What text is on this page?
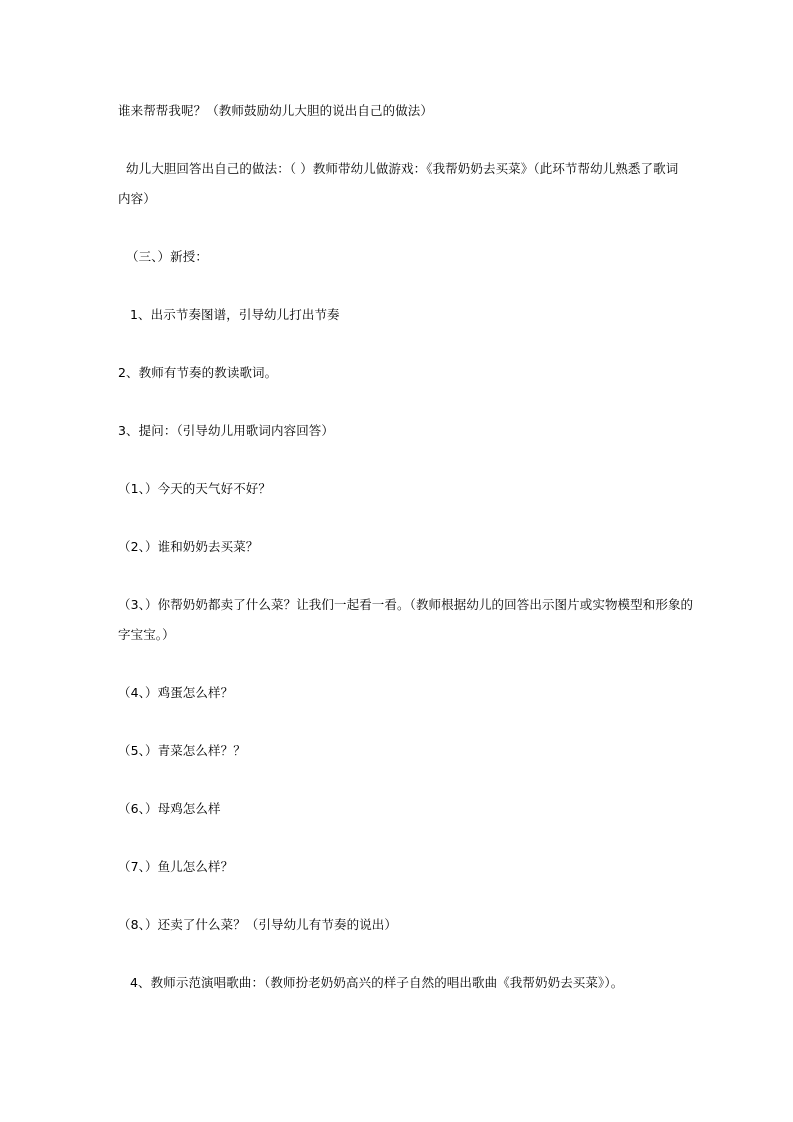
谁来帮帮我呢？（教师鼓励幼儿大胆的说出自己的做法）
幼儿大胆回答出自己的做法：（ ）教师带幼儿做游戏：《我帮奶奶去买菜》（此环节帮幼儿熟悉了歌词
内容）
（三、）新授：
1、出示节奏图谱，引导幼儿打出节奏
2、教师有节奏的教读歌词。
3、提问：（引导幼儿用歌词内容回答）
（1、）今天的天气好不好？
（2、）谁和奶奶去买菜？
（3、）你帮奶奶都卖了什么菜？让我们一起看一看。（教师根据幼儿的回答出示图片或实物模型和形象的
字宝宝。）
（4、）鸡蛋怎么样？
（5、）青菜怎么样？？
（6、）母鸡怎么样
（7、）鱼儿怎么样？
（8、）还卖了什么菜？（引导幼儿有节奏的说出）
4、教师示范演唱歌曲：（教师扮老奶奶高兴的样子自然的唱出歌曲《我帮奶奶去买菜》）。
